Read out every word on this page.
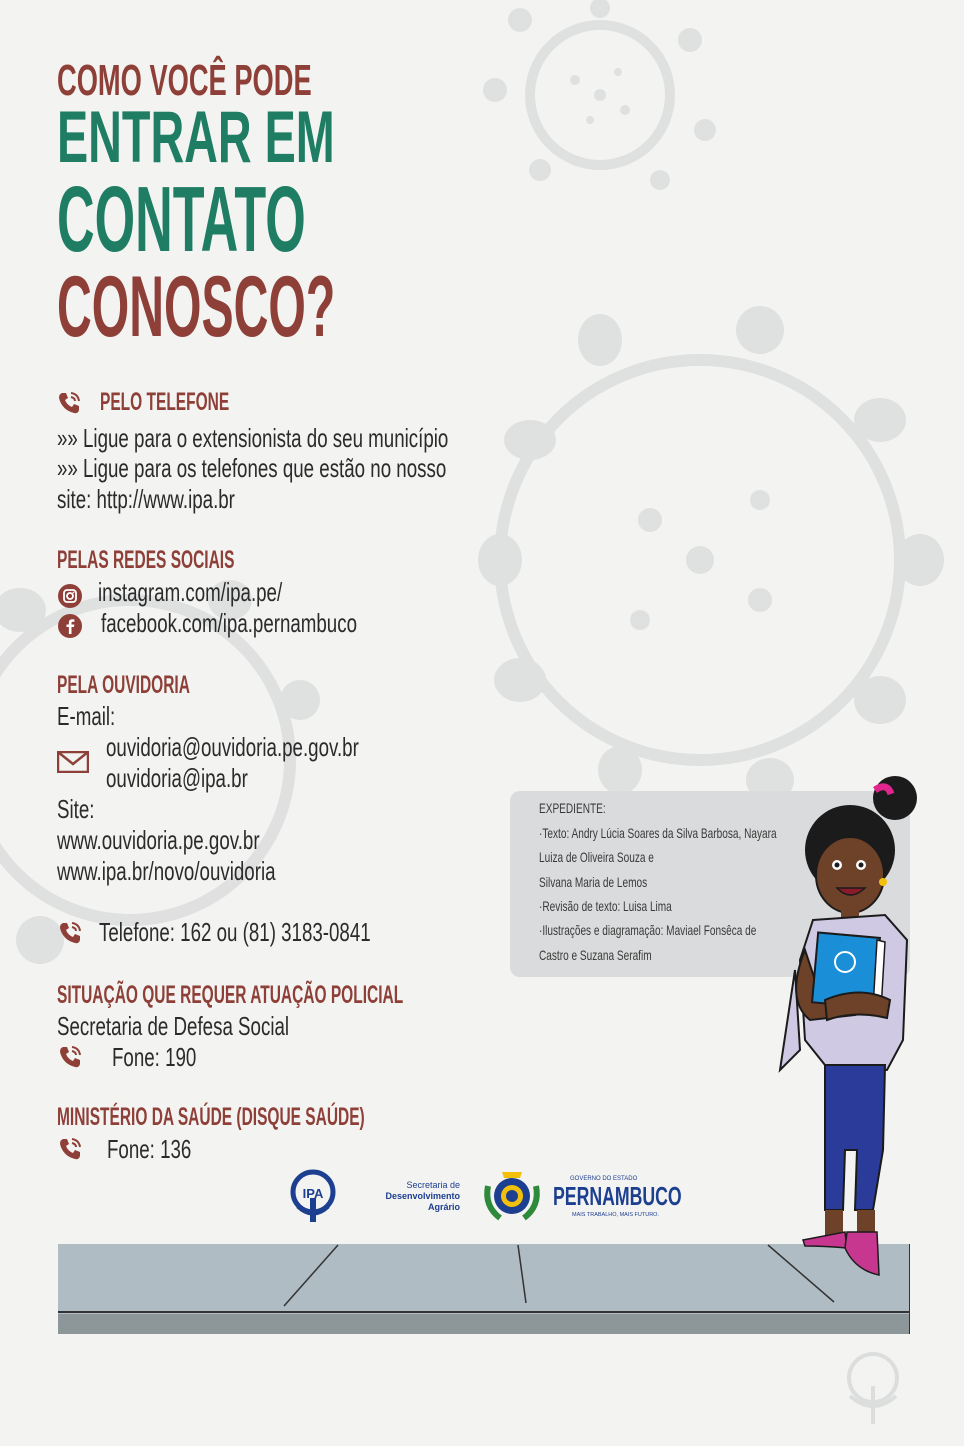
COMO VOCÊ PODE
ENTRAR EM
CONTATO
CONOSCO?
PELO TELEFONE
»» Ligue para o extensionista do seu município
»» Ligue para os telefones que estão no nosso
site: http://www.ipa.br
PELAS REDES SOCIAIS
instagram.com/ipa.pe/
facebook.com/ipa.pernambuco
PELA OUVIDORIA
E-mail:
ouvidoria@ouvidoria.pe.gov.br
ouvidoria@ipa.br
Site:
www.ouvidoria.pe.gov.br
www.ipa.br/novo/ouvidoria
Telefone: 162 ou (81) 3183-0841
SITUAÇÃO QUE REQUER ATUAÇÃO POLICIAL
Secretaria de Defesa Social
Fone: 190
MINISTÉRIO DA SAÚDE (DISQUE SAÚDE)
Fone: 136
EXPEDIENTE:
·Texto: Andry Lúcia Soares da Silva Barbosa, Nayara
Luiza de Oliveira Souza e
Silvana Maria de Lemos
·Revisão de texto: Luisa Lima
·Ilustrações e diagramação: Maviael Fonsêca de
Castro e Suzana Serafim
IPA
Secretaria de
Desenvolvimento
Agrário
GOVERNO DO ESTADO
PERNAMBUCO
MAIS TRABALHO, MAIS FUTURO.
